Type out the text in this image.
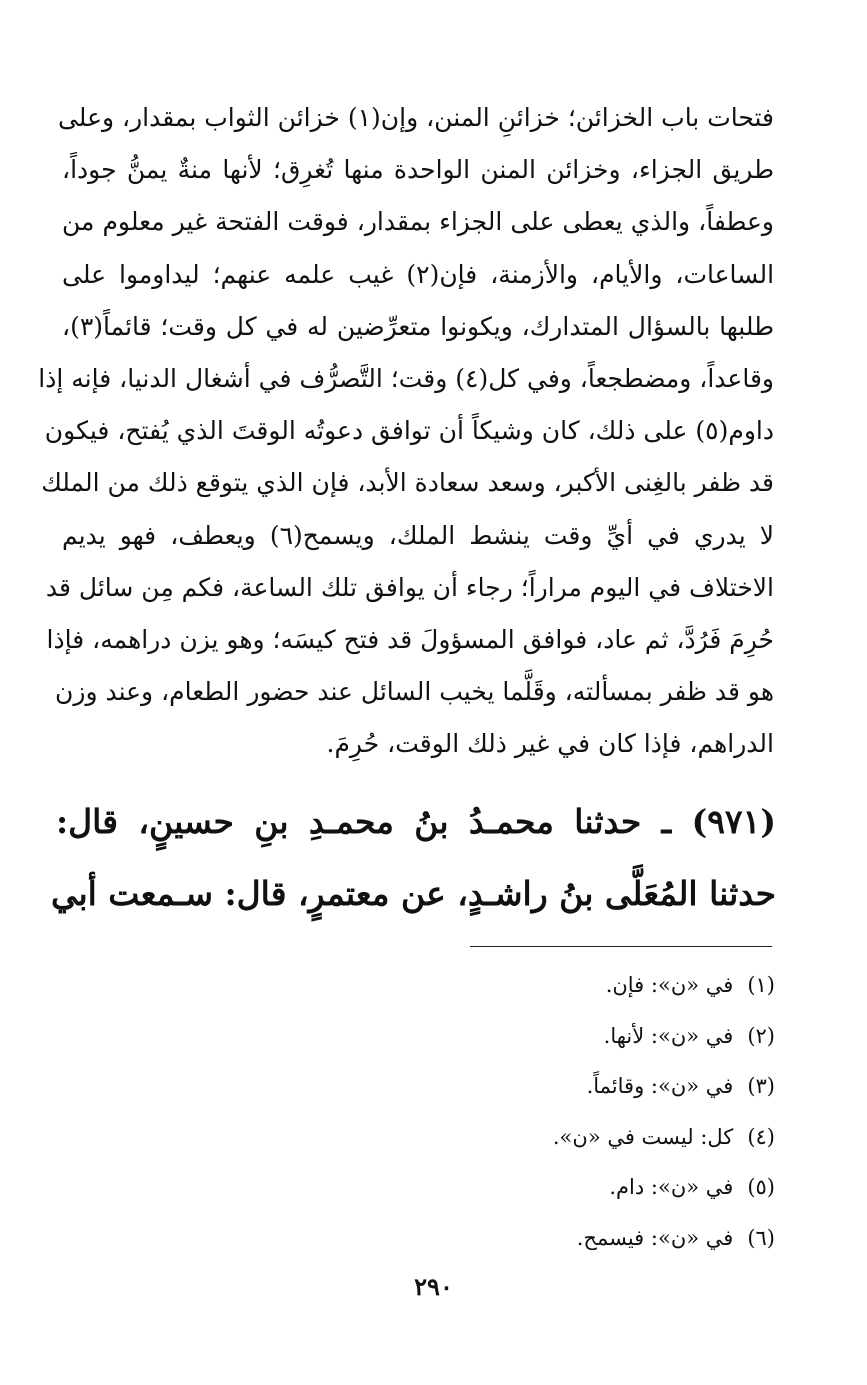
فتحات باب الخزائن؛ خزائنِ المنن، وإن(١) خزائن الثواب بمقدار، وعلى
طريق الجزاء، وخزائن المنن الواحدة منها تُغرِق؛ لأنها منةٌ يمنُّ جوداً،
وعطفاً، والذي يعطى على الجزاء بمقدار، فوقت الفتحة غير معلوم من
الساعات، والأيام، والأزمنة، فإن(٢) غيب علمه عنهم؛ ليداوموا على
طلبها بالسؤال المتدارك، ويكونوا متعرِّضين له في كل وقت؛ قائماً(٣)،
وقاعداً، ومضطجعاً، وفي كل(٤) وقت؛ التَّصرُّف في أشغال الدنيا، فإنه إذا
داوم(٥) على ذلك، كان وشيكاً أن توافق دعوتُه الوقتَ الذي يُفتح، فيكون
قد ظفر بالغِنى الأكبر، وسعد سعادة الأبد، فإن الذي يتوقع ذلك من الملك
لا يدري في أيِّ وقت ينشط الملك، ويسمح(٦) ويعطف، فهو يديم
الاختلاف في اليوم مراراً؛ رجاء أن يوافق تلك الساعة، فكم مِن سائل قد
حُرِمَ فَرُدَّ، ثم عاد، فوافق المسؤولَ قد فتح كيسَه؛ وهو يزن دراهمه، فإذا
هو قد ظفر بمسألته، وقَلَّما يخيب السائل عند حضور الطعام، وعند وزن
الدراهم، فإذا كان في غير ذلك الوقت، حُرِمَ.
(٩٧١) ـ حدثنا محمـدُ بنُ محمـدِ بنِ حسينٍ، قال:
حدثنا المُعَلَّى بنُ راشـدٍ، عن معتمرٍ، قال: سـمعت أبي
(١)في «ن»: فإن.
(٢)في «ن»: لأنها.
(٣)في «ن»: وقائماً.
(٤)كل: ليست في «ن».
(٥)في «ن»: دام.
(٦)في «ن»: فيسمح.
٢٩٠
